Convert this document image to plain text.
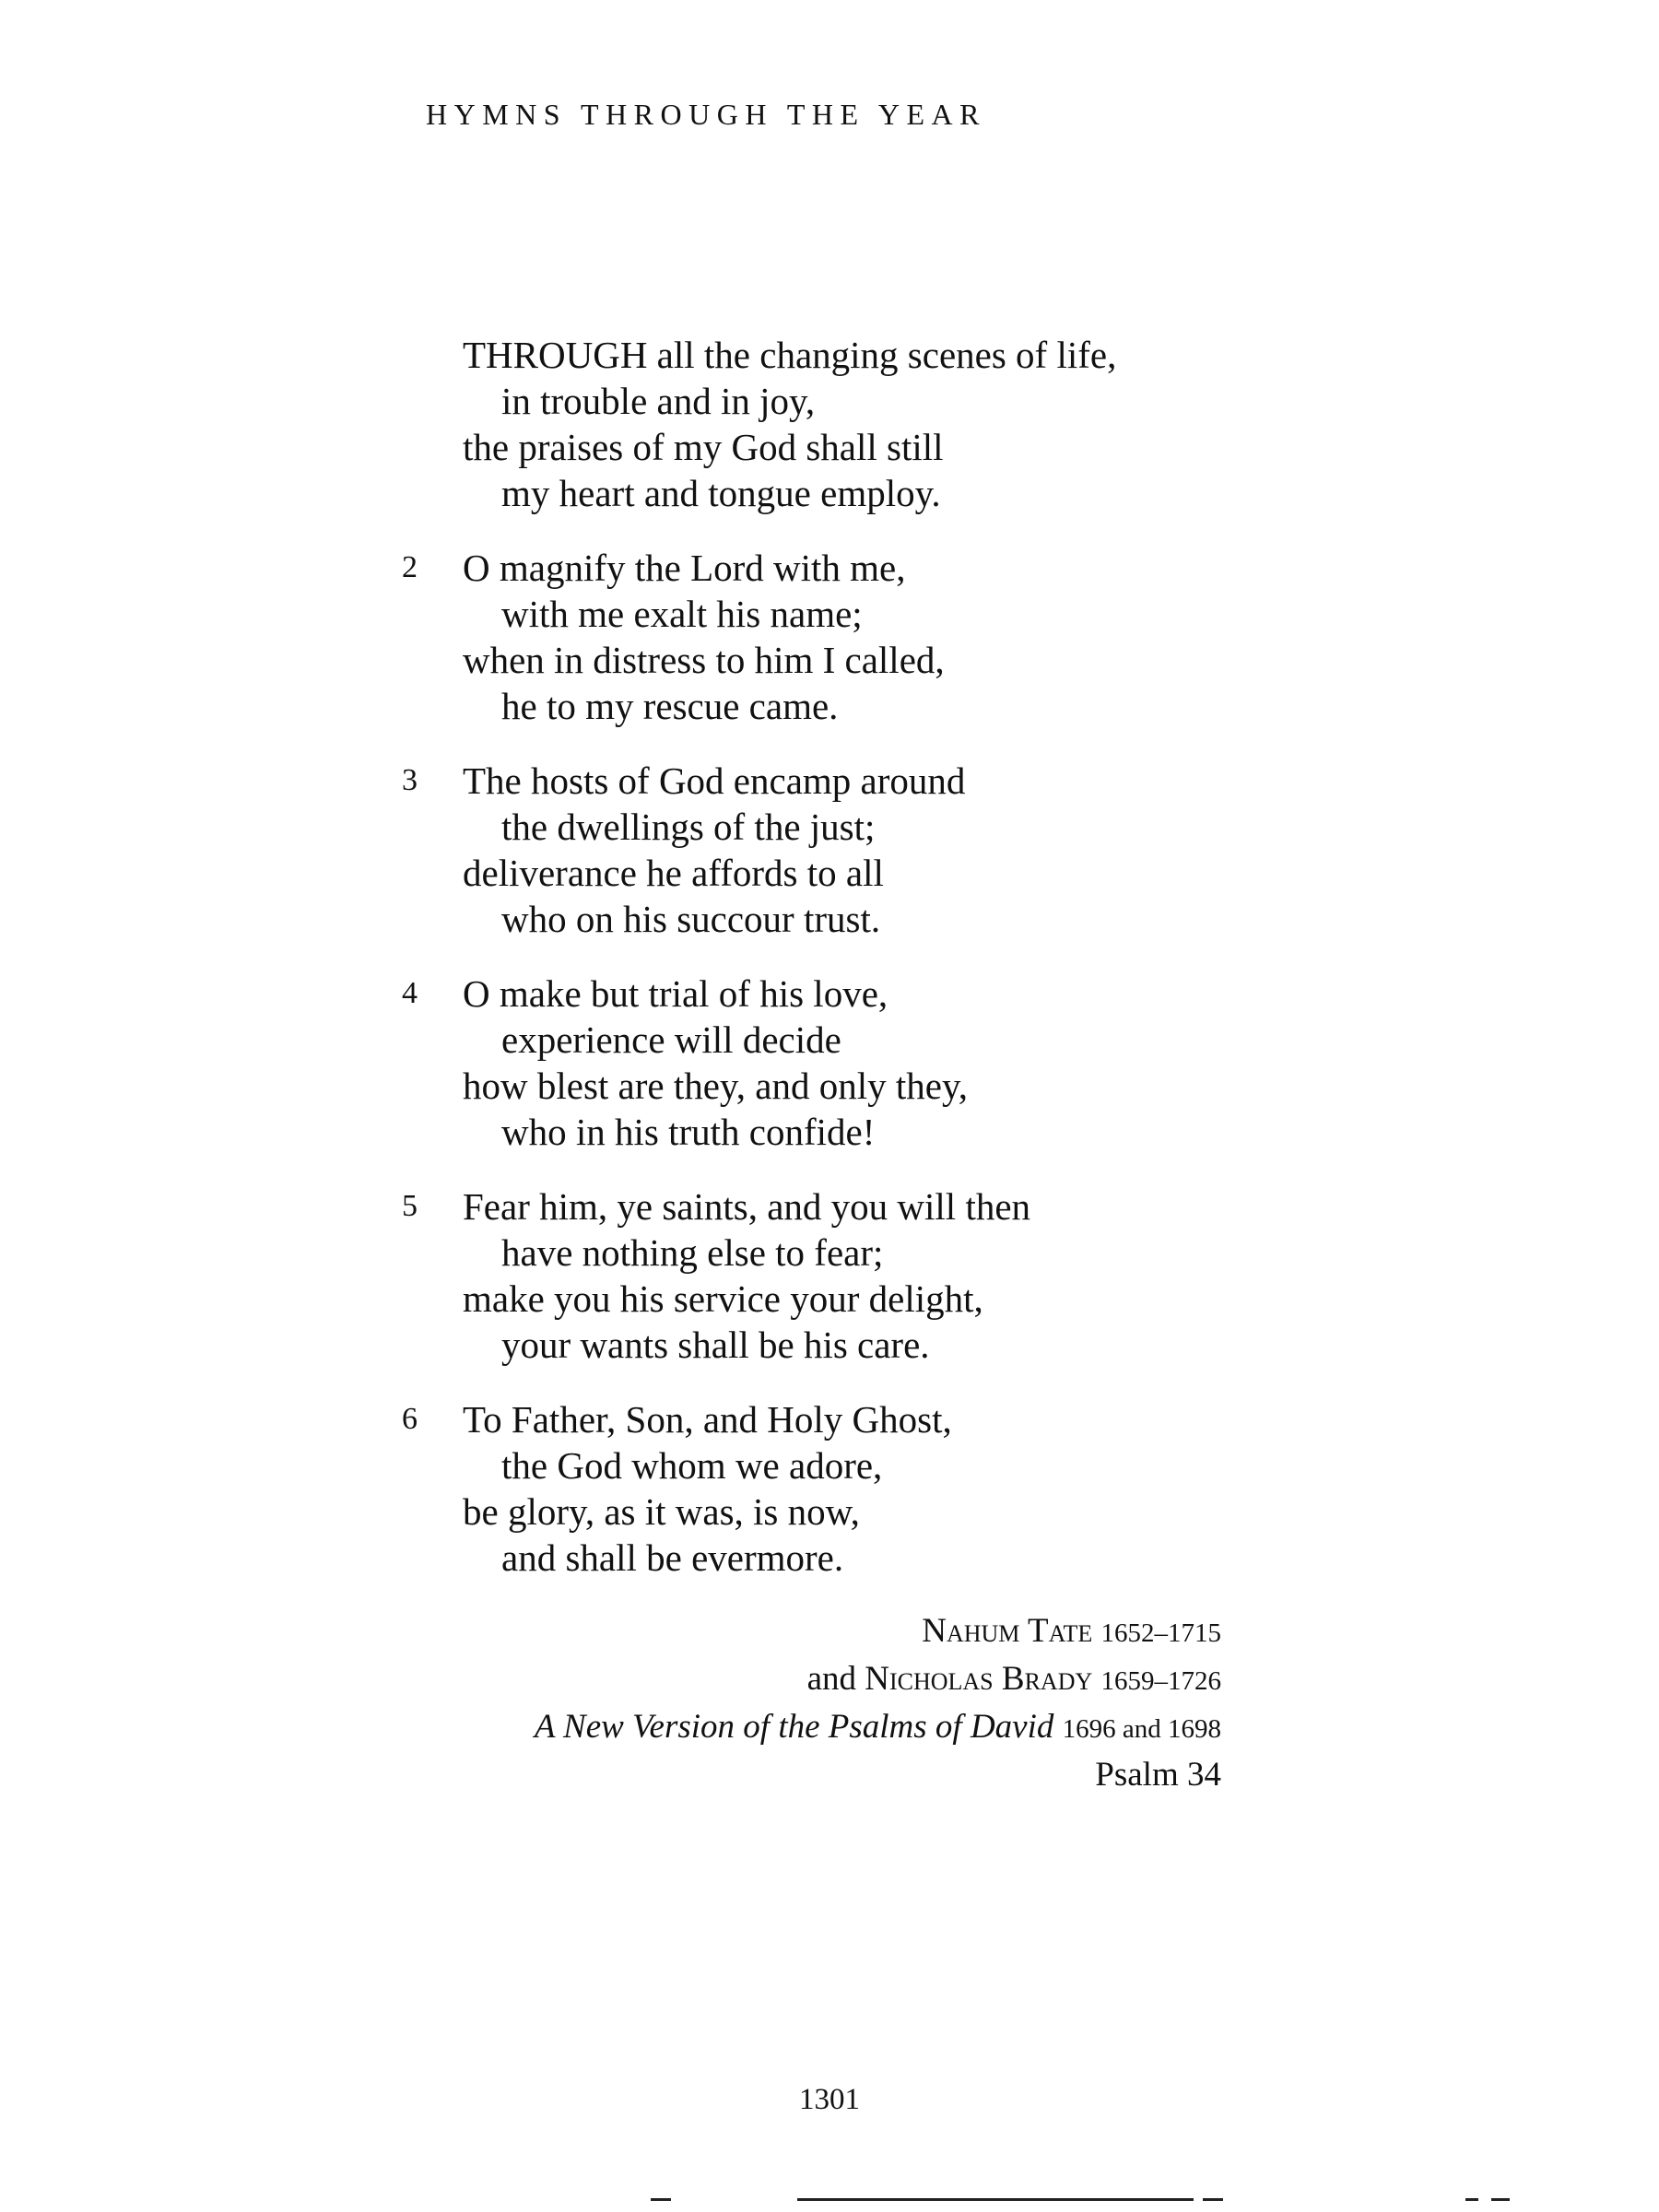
HYMNS THROUGH THE YEAR
THROUGH all the changing scenes of life,
in trouble and in joy,
the praises of my God shall still
my heart and tongue employ.
2	O magnify the Lord with me,
with me exalt his name;
when in distress to him I called,
he to my rescue came.
3	The hosts of God encamp around
the dwellings of the just;
deliverance he affords to all
who on his succour trust.
4	O make but trial of his love,
experience will decide
how blest are they, and only they,
who in his truth confide!
5	Fear him, ye saints, and you will then
have nothing else to fear;
make you his service your delight,
your wants shall be his care.
6	To Father, Son, and Holy Ghost,
the God whom we adore,
be glory, as it was, is now,
and shall be evermore.
Nahum Tate 1652–1715
and Nicholas Brady 1659–1726
A New Version of the Psalms of David 1696 and 1698
Psalm 34
1301
